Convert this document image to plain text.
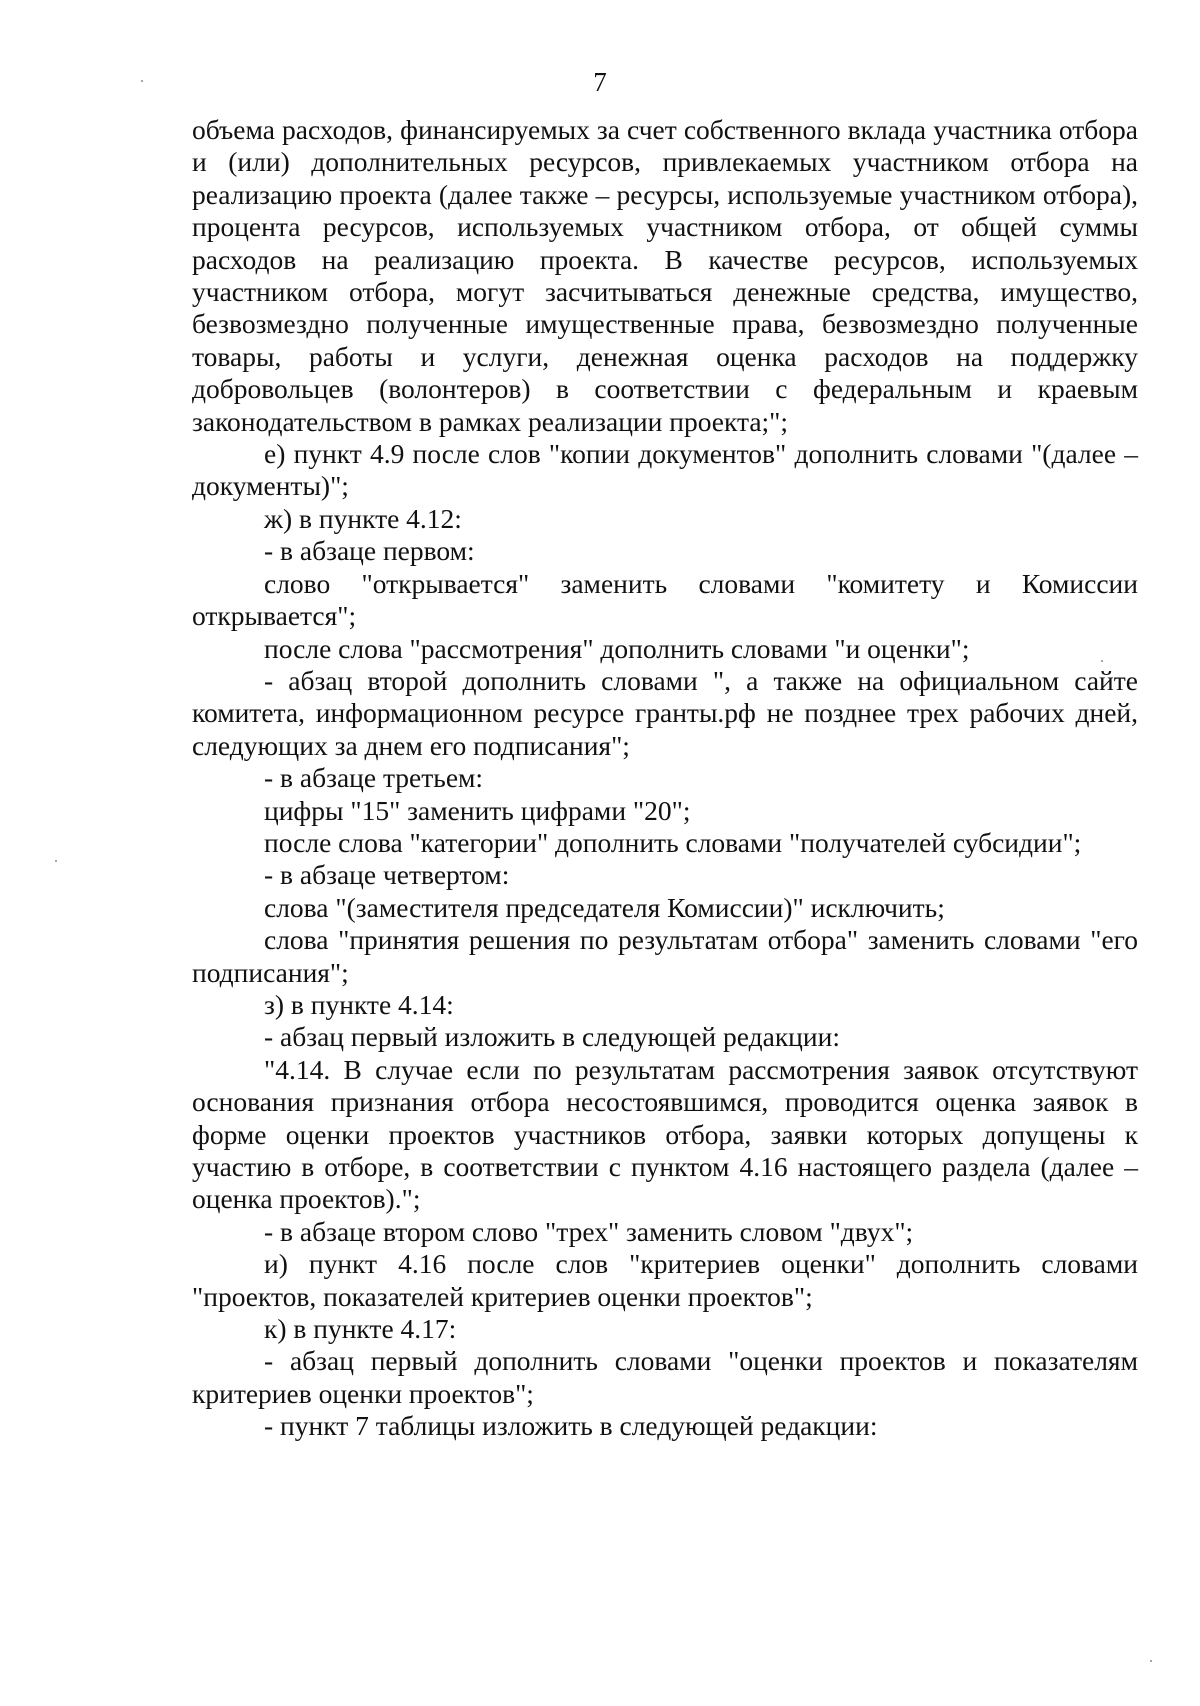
7

объема расходов, финансируемых за счет собственного вклада участника отбора и (или) дополнительных ресурсов, привлекаемых участником отбора на реализацию проекта (далее также – ресурсы, используемые участником отбора), процента ресурсов, используемых участником отбора, от общей суммы расходов на реализацию проекта. В качестве ресурсов, используемых участником отбора, могут засчитываться денежные средства, имущество, безвозмездно полученные имущественные права, безвозмездно полученные товары, работы и услуги, денежная оценка расходов на поддержку добровольцев (волонтеров) в соответствии с федеральным и краевым законодательством в рамках реализации проекта;";

е) пункт 4.9 после слов "копии документов" дополнить словами "(далее – документы)";

ж) в пункте 4.12:

- в абзаце первом:

слово "открывается" заменить словами "комитету и Комиссии открывается";

после слова "рассмотрения" дополнить словами "и оценки";

- абзац второй дополнить словами ", а также на официальном сайте комитета, информационном ресурсе гранты.рф не позднее трех рабочих дней, следующих за днем его подписания";

- в абзаце третьем:

цифры "15" заменить цифрами "20";

после слова "категории" дополнить словами "получателей субсидии";

- в абзаце четвертом:

слова "(заместителя председателя Комиссии)" исключить;

слова "принятия решения по результатам отбора" заменить словами "его подписания";

з) в пункте 4.14:

- абзац первый изложить в следующей редакции:

"4.14. В случае если по результатам рассмотрения заявок отсутствуют основания признания отбора несостоявшимся, проводится оценка заявок в форме оценки проектов участников отбора, заявки которых допущены к участию в отборе, в соответствии с пунктом 4.16 настоящего раздела (далее – оценка проектов).";

- в абзаце втором слово "трех" заменить словом "двух";

и) пункт 4.16 после слов "критериев оценки" дополнить словами "проектов, показателей критериев оценки проектов";

к) в пункте 4.17:

- абзац первый дополнить словами "оценки проектов и показателям критериев оценки проектов";

- пункт 7 таблицы изложить в следующей редакции:
